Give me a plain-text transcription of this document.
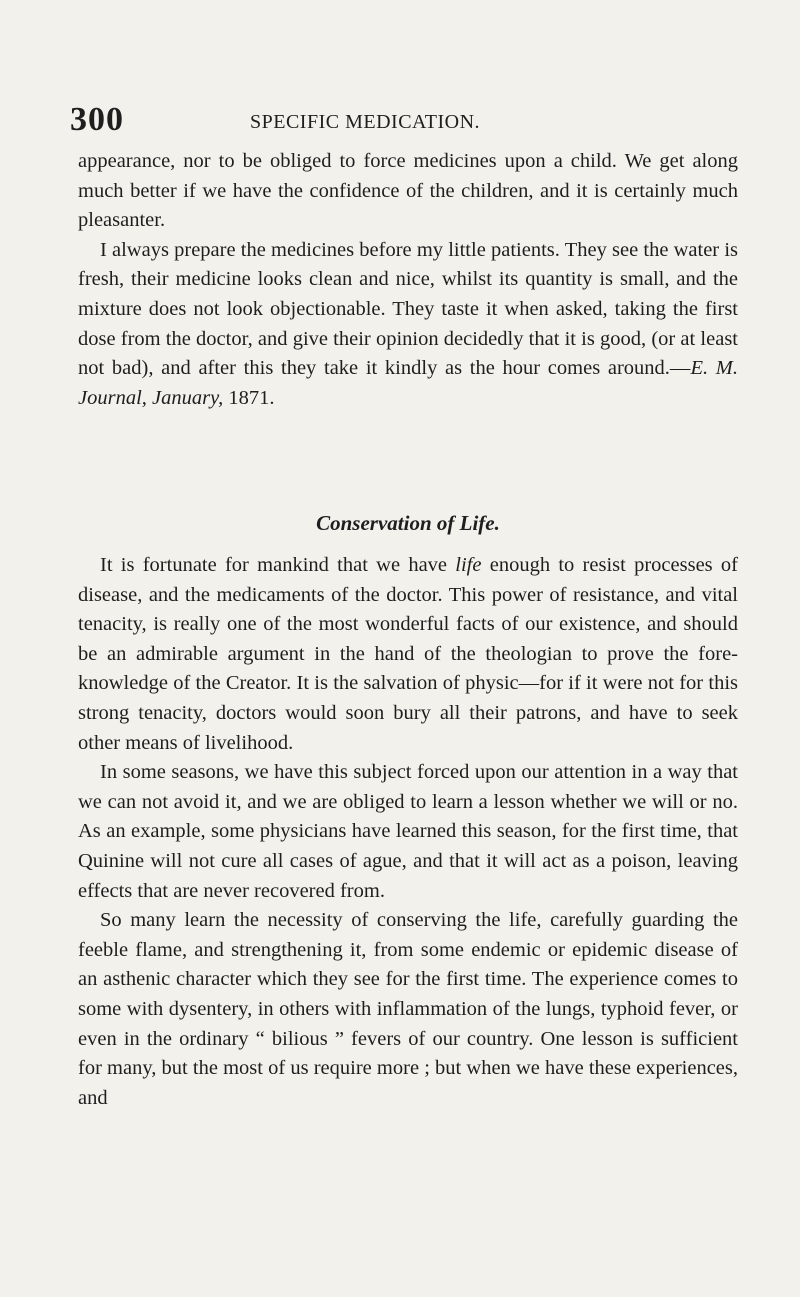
300	SPECIFIC MEDICATION.

appearance, nor to be obliged to force medicines upon a child. We get along much better if we have the confidence of the children, and it is certainly much pleasanter.

I always prepare the medicines before my little patients. They see the water is fresh, their medicine looks clean and nice, whilst its quantity is small, and the mixture does not look objectionable. They taste it when asked, taking the first dose from the doctor, and give their opinion decidedly that it is good, (or at least not bad), and after this they take it kindly as the hour comes around.—E. M. Journal, January, 1871.

Conservation of Life.

It is fortunate for mankind that we have life enough to resist processes of disease, and the medicaments of the doctor. This power of resistance, and vital tenacity, is really one of the most wonderful facts of our existence, and should be an admirable argument in the hand of the theologian to prove the fore-knowledge of the Creator. It is the salvation of physic—for if it were not for this strong tenacity, doctors would soon bury all their patrons, and have to seek other means of livelihood.

In some seasons, we have this subject forced upon our attention in a way that we can not avoid it, and we are obliged to learn a lesson whether we will or no. As an example, some physicians have learned this season, for the first time, that Quinine will not cure all cases of ague, and that it will act as a poison, leaving effects that are never recovered from.

So many learn the necessity of conserving the life, carefully guarding the feeble flame, and strengthening it, from some endemic or epidemic disease of an asthenic character which they see for the first time. The experience comes to some with dysentery, in others with inflammation of the lungs, typhoid fever, or even in the ordinary “ bilious ” fevers of our country. One lesson is sufficient for many, but the most of us require more ; but when we have these experiences, and
